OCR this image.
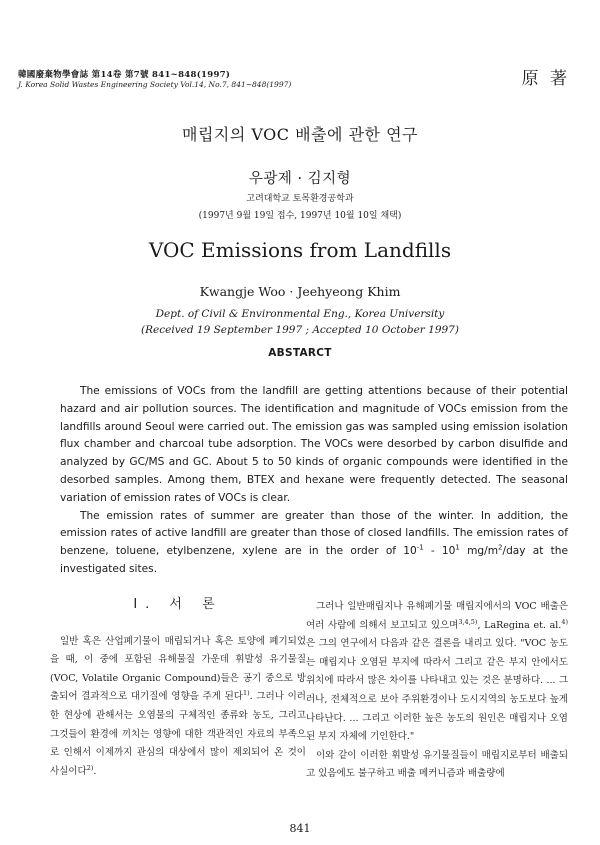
韓國廢棄物學會誌 第14卷 第7號 841~848(1997)
J. Korea Solid Wastes Engineering Society Vol.14, No.7, 841~848(1997)	原 著
매립지의 VOC 배출에 관한 연구
우광제 · 김지형
고려대학교 토목환경공학과
(1997년 9월 19일 접수, 1997년 10월 10일 채택)
VOC Emissions from Landfills
Kwangje Woo · Jeehyeong Khim
Dept. of Civil & Environmental Eng., Korea University
(Received 19 September 1997 ; Accepted 10 October 1997)
ABSTARCT

The emissions of VOCs from the landfill are getting attentions because of their potential hazard and air pollution sources. The identification and magnitude of VOCs emission from the landfills around Seoul were carried out. The emission gas was sampled using emission isolation flux chamber and charcoal tube adsorption. The VOCs were desorbed by carbon disulfide and analyzed by GC/MS and GC. About 5 to 50 kinds of organic compounds were identified in the desorbed samples. Among them, BTEX and hexane were frequently detected. The seasonal variation of emission rates of VOCs is clear.

The emission rates of summer are greater than those of the winter. In addition, the emission rates of active landfill are greater than those of closed landfills. The emission rates of benzene, toluene, etylbenzene, xylene are in the order of $10^{-1} - 10^1$ $mg/m^2$/day at the investigated sites.

I. 서 론

일반 혹은 산업폐기물이 매립되거나 혹은 토양에 폐기되었을 때, 이 중에 포함된 유해물질 가운데 휘발성 유기물질(VOC, Volatile Organic Compound)들은 공기 중으로 방출되어 결과적으로 대기질에 영향을 주게 된다$^{1)}$. 그러나 이러한 현상에 관해서는 오염물의 구체적인 종류와 농도, 그리고 그것들이 환경에 끼치는 영향에 대한 객관적인 자료의 부족으로 인해서 이제까지 관심의 대상에서 많이 제외되어 온 것이 사실이다$^{2)}$.

그러나 일반매립지나 유해폐기물 매립지에서의 VOC 배출은 여러 사람에 의해서 보고되고 있으며$^{3,4,5)}$, LaRegina et. al.$^{4)}$은 그의 연구에서 다음과 같은 결론을 내리고 있다. "VOC 농도는 매립지나 오염된 부지에 따라서 그리고 같은 부지 안에서도 위치에 따라서 많은 차이를 나타내고 있는 것은 분명하다. ... 그러나, 전체적으로 보아 주위환경이나 도시지역의 농도보다 높게 나타난다. ... 그리고 이러한 높은 농도의 원인은 매립지나 오염된 부지 자체에 기인한다."

이와 같이 이러한 휘발성 유기물질들이 매립지로부터 배출되고 있음에도 불구하고 배출 메커니즘과 배출량에

841
